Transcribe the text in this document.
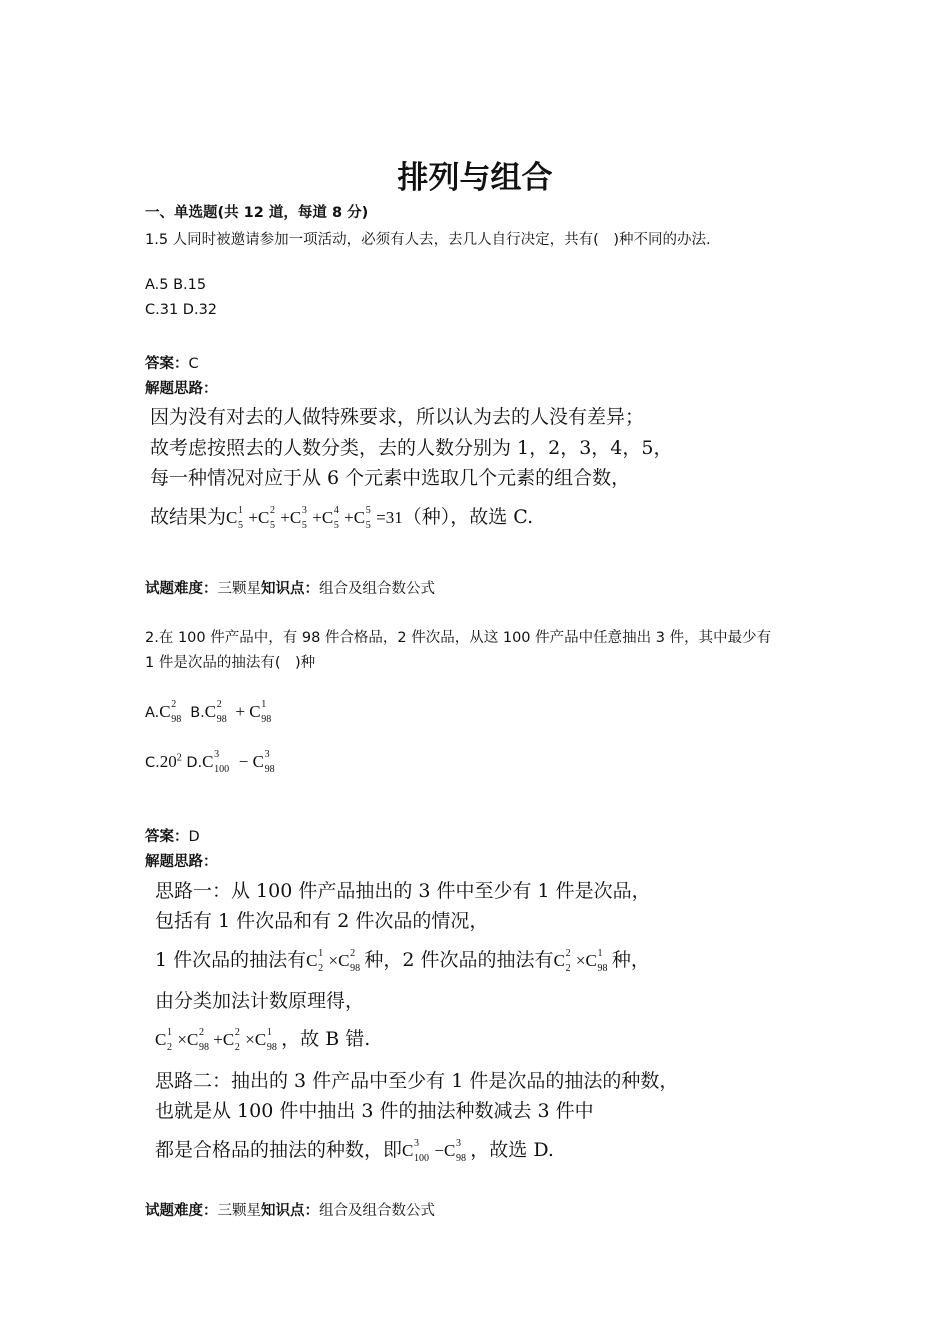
排列与组合
一、单选题(共 12 道，每道 8 分)
1.5 人同时被邀请参加一项活动，必须有人去，去几人自行决定，共有(　)种不同的办法.
A.5 B.15
C.31 D.32
答案：C
解题思路：
因为没有对去的人做特殊要求，所以认为去的人没有差异；
故考虑按照去的人数分类，去的人数分别为 1，2，3，4，5，
每一种情况对应于从 6 个元素中选取几个元素的组合数，
故结果为C 1
5 +C 2
5 +C 3
5 +C 4
5 +C 5
5 =31（种），故选 C.
试题难度：三颗星知识点：组合及组合数公式
2.在 100 件产品中，有 98 件合格品，2 件次品，从这 100 件产品中任意抽出 3 件，其中最少有
1 件是次品的抽法有(　)种
A.C 2
98 B.C 2
98 + C 1
98
$C.20^2$ D.C 3
100 − C 3
98
答案：D
解题思路：
思路一：从 100 件产品抽出的 3 件中至少有 1 件是次品，
包括有 1 件次品和有 2 件次品的情况，
1 件次品的抽法有C 1
2 ×C 2
98 种，2 件次品的抽法有C 2
2 ×C 1
98 种，
由分类加法计数原理得，
C 1
2 ×C 2
98 +C 2
2 ×C 1
98 ，故 B 错.
思路二：抽出的 3 件产品中至少有 1 件是次品的抽法的种数，
也就是从 100 件中抽出 3 件的抽法种数减去 3 件中
都是合格品的抽法的种数，即C 3
100 −C 3
98 ，故选 D.
试题难度：三颗星知识点：组合及组合数公式
